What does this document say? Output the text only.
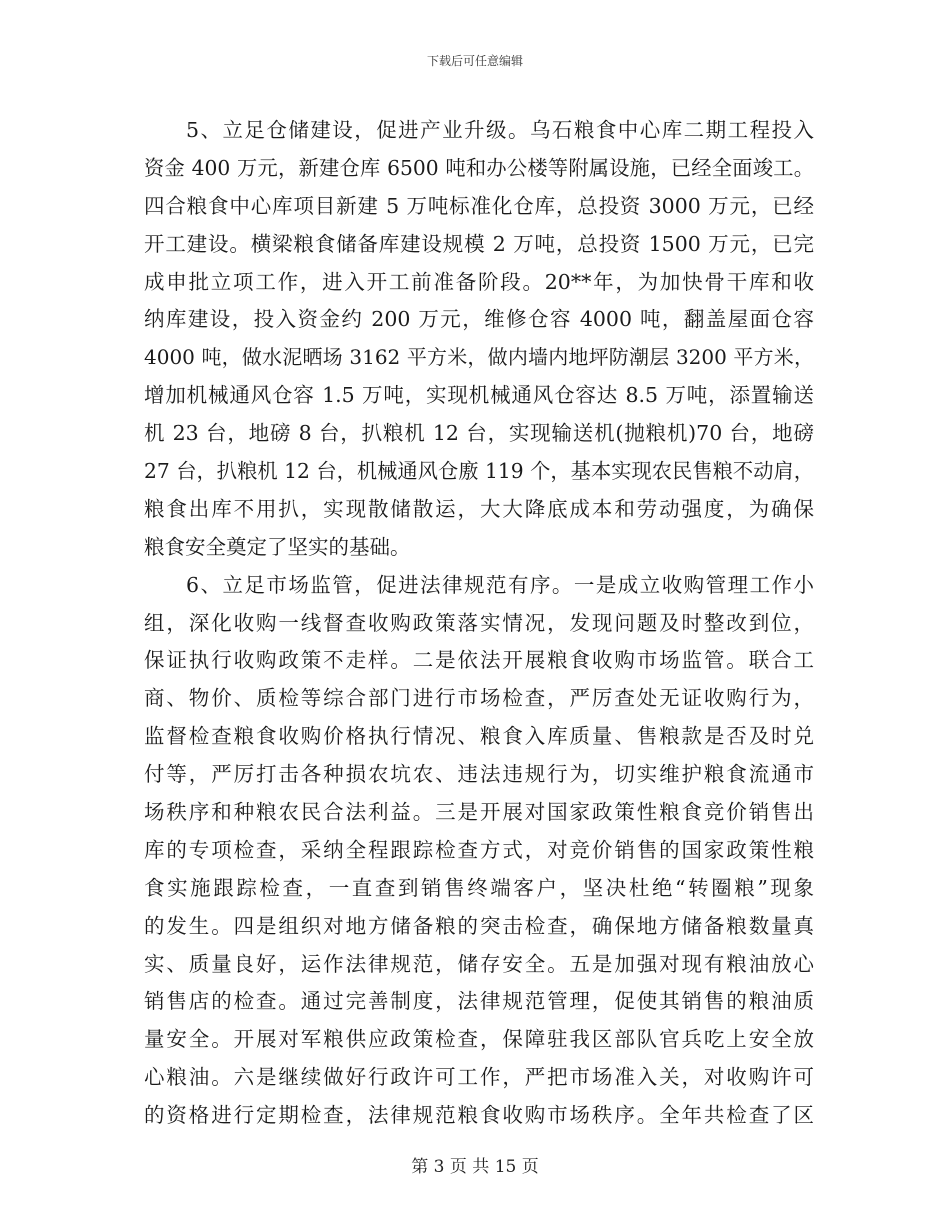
下载后可任意编辑
5、立足仓储建设，促进产业升级。乌石粮食中心库二期工程投入
资金 400 万元，新建仓库 6500 吨和办公楼等附属设施，已经全面竣工。
四合粮食中心库项目新建 5 万吨标准化仓库，总投资 3000 万元，已经
开工建设。横梁粮食储备库建设规模 2 万吨，总投资 1500 万元，已完
成申批立项工作，进入开工前准备阶段。20**年，为加快骨干库和收
纳库建设，投入资金约 200 万元，维修仓容 4000 吨，翻盖屋面仓容
4000 吨，做水泥晒场 3162 平方米，做内墙内地坪防潮层 3200 平方米，
增加机械通风仓容 1.5 万吨，实现机械通风仓容达 8.5 万吨，添置输送
机 23 台，地磅 8 台，扒粮机 12 台，实现输送机(抛粮机)70 台，地磅
27 台，扒粮机 12 台，机械通风仓廒 119 个，基本实现农民售粮不动肩，
粮食出库不用扒，实现散储散运，大大降底成本和劳动强度，为确保
粮食安全奠定了坚实的基础。
6、立足市场监管，促进法律规范有序。一是成立收购管理工作小
组，深化收购一线督查收购政策落实情况，发现问题及时整改到位，
保证执行收购政策不走样。二是依法开展粮食收购市场监管。联合工
商、物价、质检等综合部门进行市场检查，严厉查处无证收购行为，
监督检查粮食收购价格执行情况、粮食入库质量、售粮款是否及时兑
付等，严厉打击各种损农坑农、违法违规行为，切实维护粮食流通市
场秩序和种粮农民合法利益。三是开展对国家政策性粮食竞价销售出
库的专项检查，采纳全程跟踪检查方式，对竞价销售的国家政策性粮
食实施跟踪检查，一直查到销售终端客户，坚决杜绝“转圈粮”现象
的发生。四是组织对地方储备粮的突击检查，确保地方储备粮数量真
实、质量良好，运作法律规范，储存安全。五是加强对现有粮油放心
销售店的检查。通过完善制度，法律规范管理，促使其销售的粮油质
量安全。开展对军粮供应政策检查，保障驻我区部队官兵吃上安全放
心粮油。六是继续做好行政许可工作，严把市场准入关，对收购许可
的资格进行定期检查，法律规范粮食收购市场秩序。全年共检查了区
第 3 页 共 15 页
